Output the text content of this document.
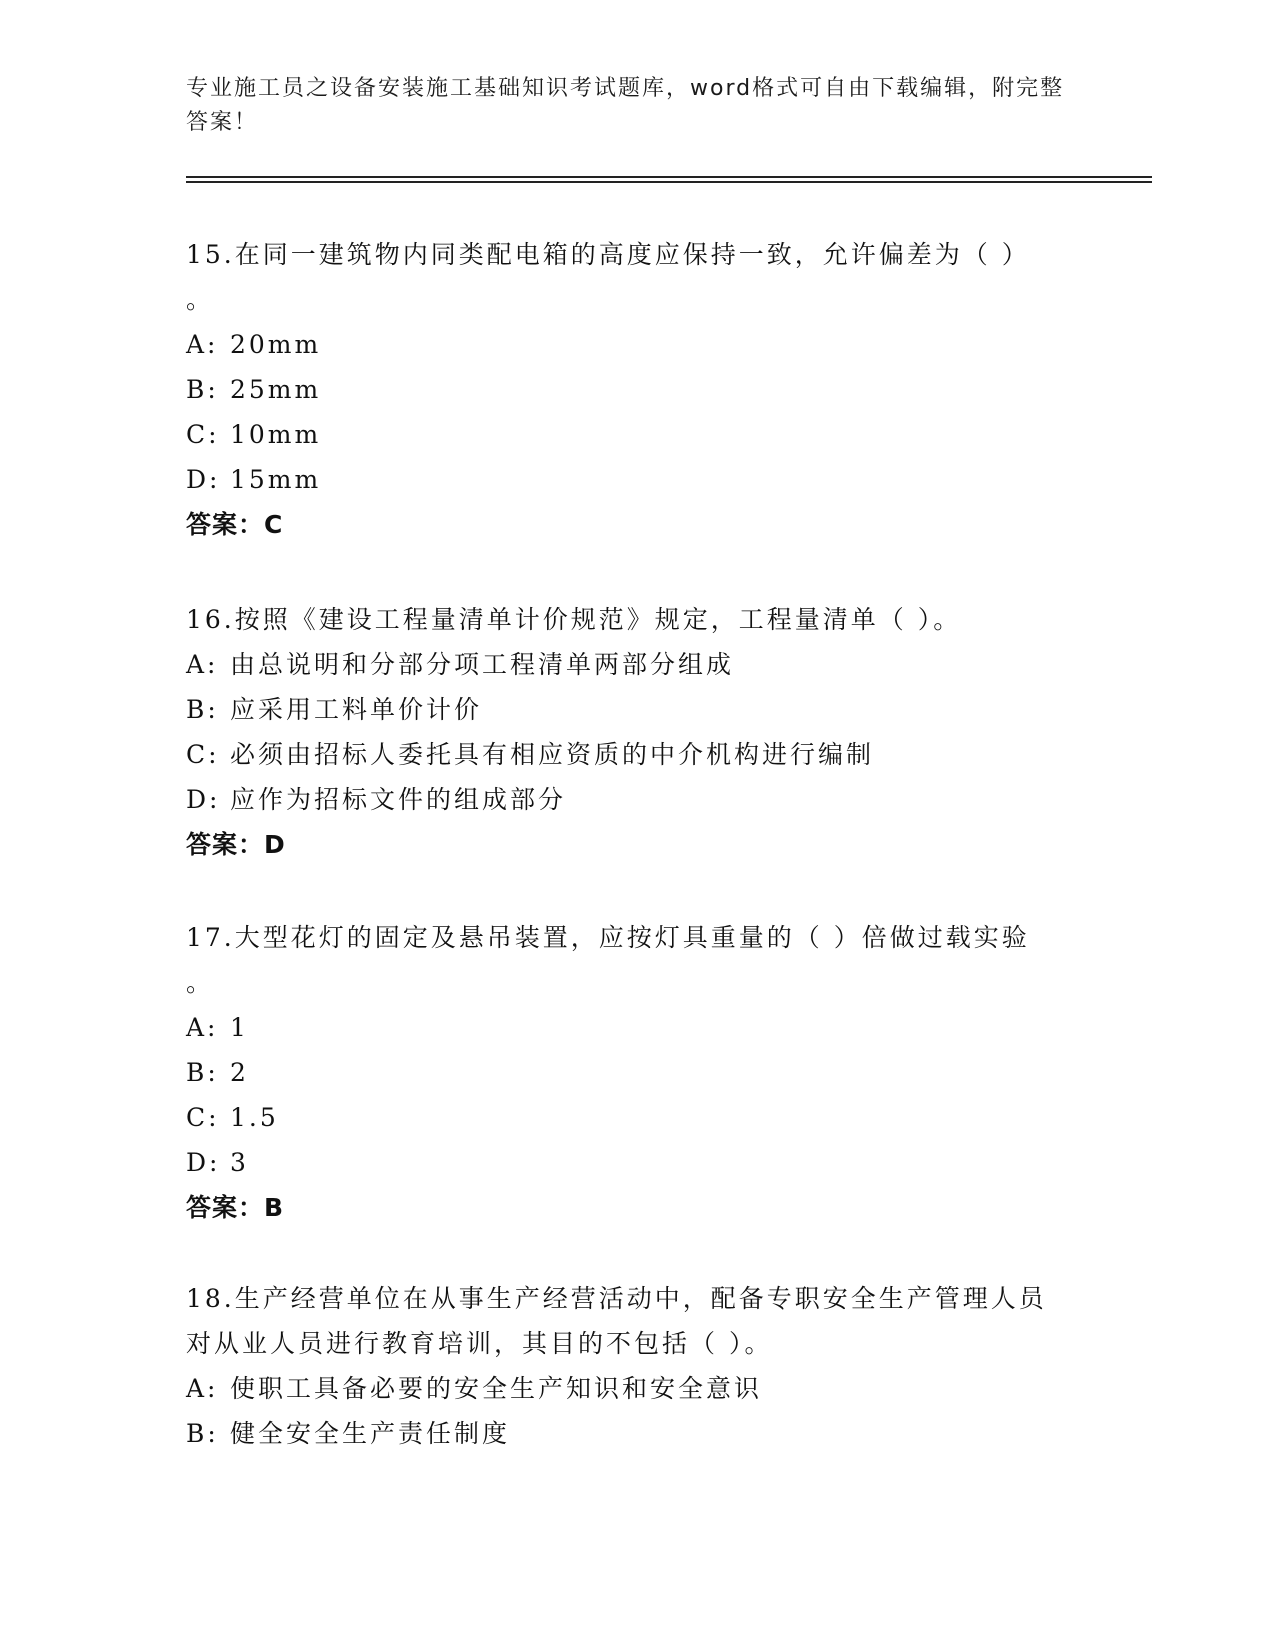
专业施工员之设备安装施工基础知识考试题库，word格式可自由下载编辑，附完整答案！
15.在同一建筑物内同类配电箱的高度应保持一致，允许偏差为（ ）
。
A: 20mm
B: 25mm
C: 10mm
D: 15mm
答案：C
16.按照《建设工程量清单计价规范》规定，工程量清单（ ）。
A: 由总说明和分部分项工程清单两部分组成
B: 应采用工料单价计价
C: 必须由招标人委托具有相应资质的中介机构进行编制
D: 应作为招标文件的组成部分
答案：D
17.大型花灯的固定及悬吊装置，应按灯具重量的（ ）倍做过载实验
。
A: 1
B: 2
C: 1.5
D: 3
答案：B
18.生产经营单位在从事生产经营活动中，配备专职安全生产管理人员
对从业人员进行教育培训，其目的不包括（ ）。
A: 使职工具备必要的安全生产知识和安全意识
B: 健全安全生产责任制度
